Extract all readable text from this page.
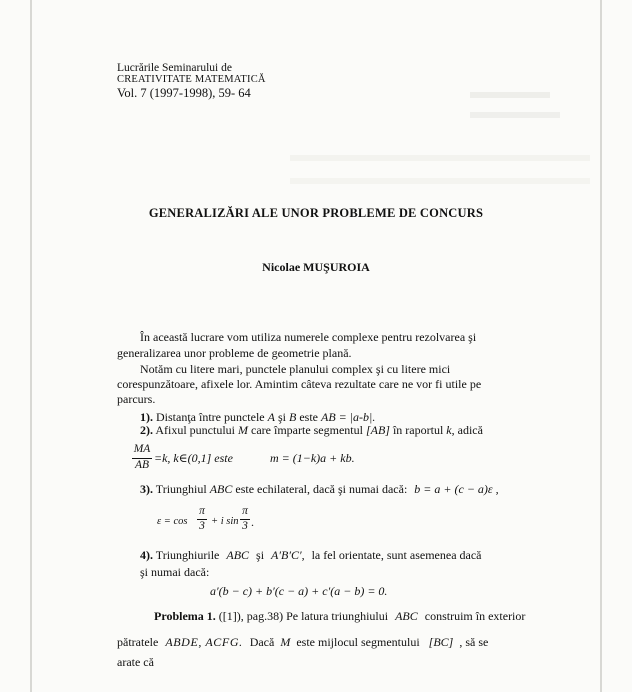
Lucrările Seminarului de
CREATIVITATE MATEMATICĂ
Vol. 7 (1997-1998), 59- 64
GENERALIZĂRI ALE UNOR PROBLEME DE CONCURS
Nicolae MUŞUROIA
În această lucrare vom utiliza numerele complexe pentru rezolvarea şi
generalizarea unor probleme de geometrie plană.
Notăm cu litere mari, punctele planului complex şi cu litere mici
corespunzătoare, afixele lor. Amintim câteva rezultate care ne vor fi utile pe
parcurs.
1). Distanţa între punctele A şi B este AB = |a-b|.
2). Afixul punctului M care împarte segmentul [AB] în raportul k, adică
MA
AB =k, k∈(0,1] este	m = (1−k)a + kb.
3). Triunghiul ABC este echilateral, dacă şi numai dacă: b = a + (c − a)ε ,
ε = cos
π
3 + i sin
π
3 .
4). Triunghiurile ABC şi A′B′C′, la fel orientate, sunt asemenea dacă
şi numai dacă:
a′(b − c) + b′(c − a) + c′(a − b) = 0.
Problema 1. ([1]), pag.38) Pe latura triunghiului ABC construim în exterior
pătratele ABDE, ACFG. Dacă M este mijlocul segmentului [BC] , să se
arate că
